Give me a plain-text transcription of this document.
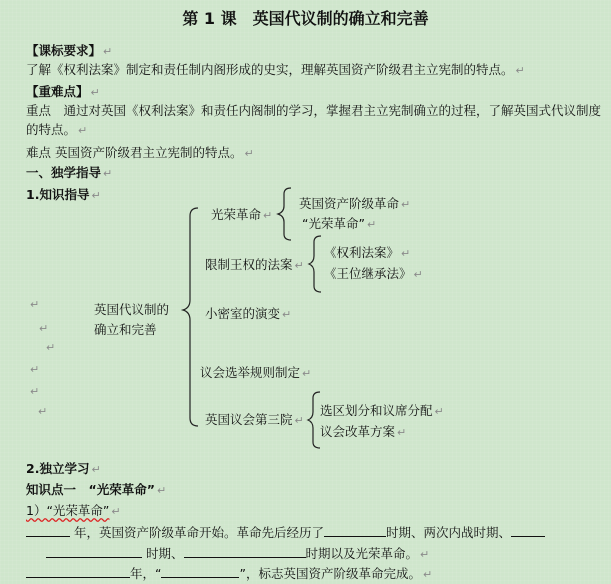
第 1 课　英国代议制的确立和完善
【课标要求】 ↵
了解《权利法案》制定和责任制内阁形成的史实，理解英国资产阶级君主立宪制的特点。 ↵
【重难点】 ↵
重点　通过对英国《权利法案》和责任内阁制的学习，掌握君主立宪制确立的过程，了解英国式代议制度的特点。 ↵
难点 英国资产阶级君主立宪制的特点。 ↵
一、独学指导 ↵
1.知识指导 ↵
英国代议制的
确立和完善
↵
↵
↵
↵
↵
↵
光荣革命 ↵
英国资产阶级革命 ↵
“光荣革命” ↵
限制王权的法案 ↵
《权利法案》 ↵
《王位继承法》 ↵
小密室的演变 ↵
议会选举规则制定 ↵
英国议会第三院 ↵
选区划分和议席分配 ↵
议会改革方案 ↵
2.独立学习 ↵
知识点一　“光荣革命” ↵
1）“光荣革命” ↵
年，英国资产阶级革命开始。革命先后经历了	时期、两次内战时期、
时期、	时期以及光荣革命。 ↵
年，“	”，标志英国资产阶级革命完成。 ↵
